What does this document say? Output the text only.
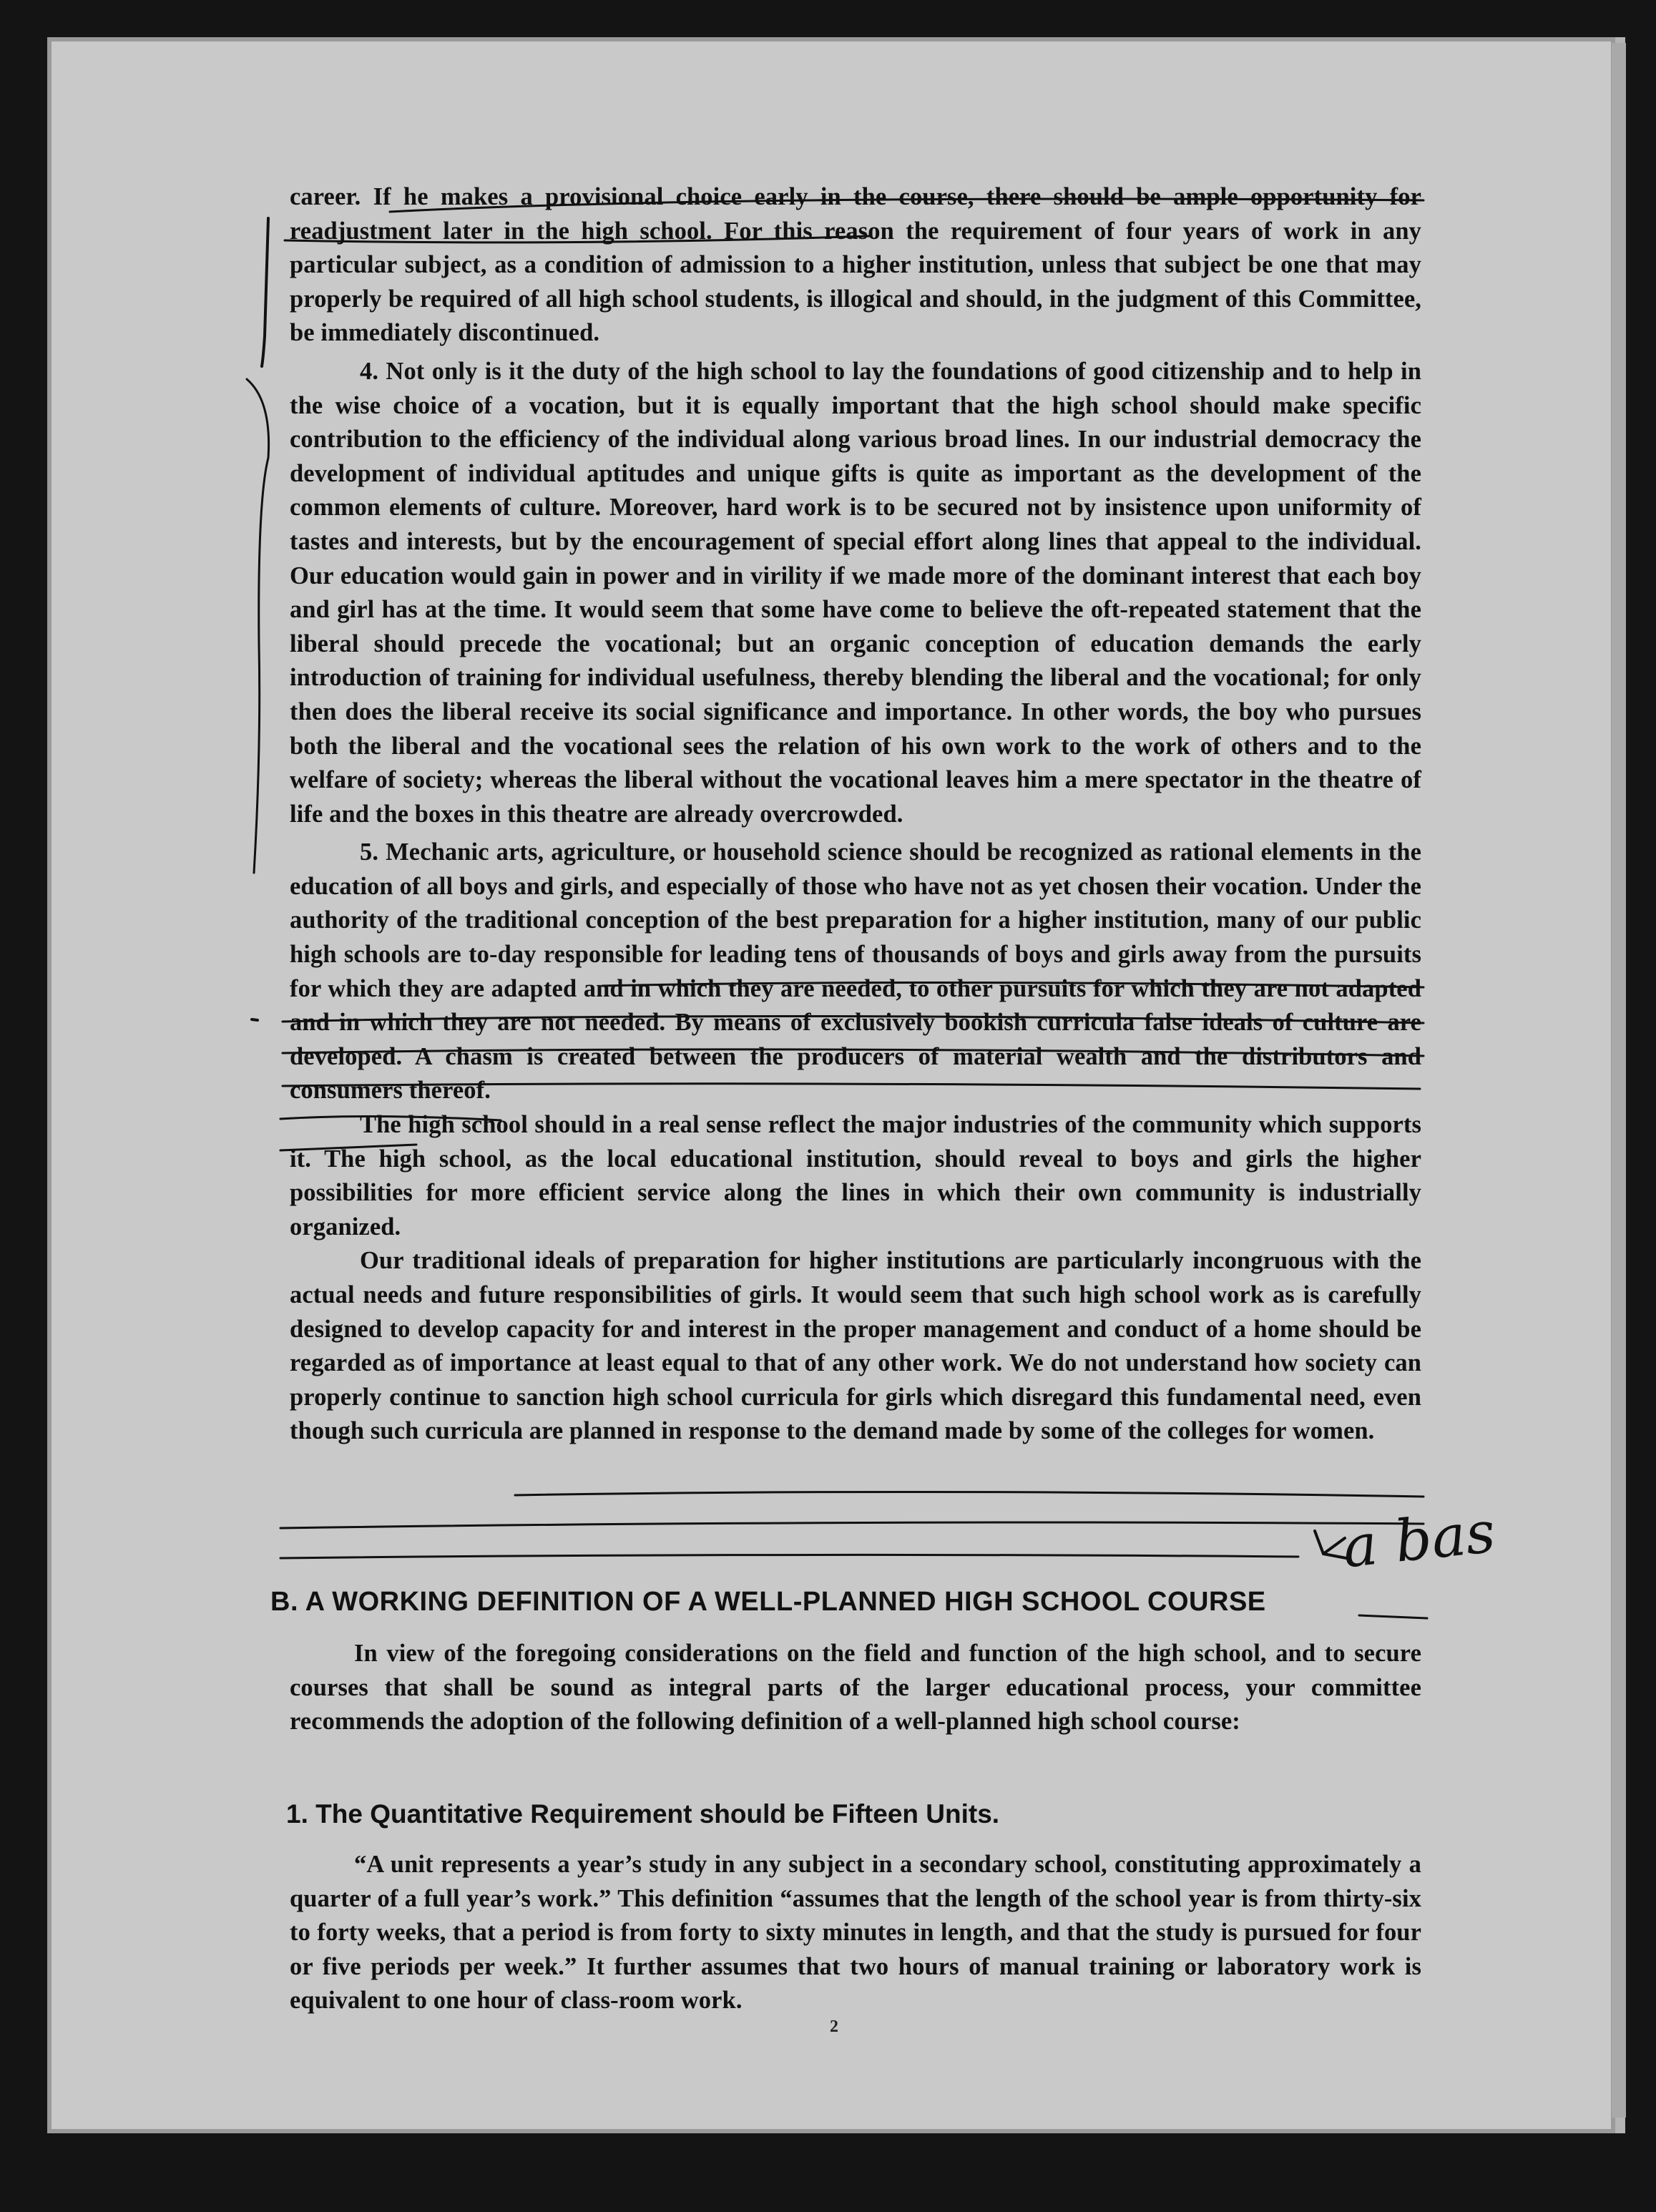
career. If he makes a provisional choice early in the course, there should be ample opportunity for readjustment later in the high school. For this reason the requirement of four years of work in any particular subject, as a condition of admission to a higher institution, unless that subject be one that may properly be required of all high school students, is illogical and should, in the judgment of this Committee, be immediately discontinued.

4. Not only is it the duty of the high school to lay the foundations of good citizenship and to help in the wise choice of a vocation, but it is equally important that the high school should make specific contribution to the efficiency of the individual along various broad lines. In our industrial democracy the development of individual aptitudes and unique gifts is quite as important as the development of the common elements of culture. Moreover, hard work is to be secured not by insistence upon uniformity of tastes and interests, but by the encouragement of special effort along lines that appeal to the individual. Our education would gain in power and in virility if we made more of the dominant interest that each boy and girl has at the time. It would seem that some have come to believe the oft-repeated statement that the liberal should precede the vocational; but an organic conception of education demands the early introduction of training for individual usefulness, thereby blending the liberal and the vocational; for only then does the liberal receive its social significance and importance. In other words, the boy who pursues both the liberal and the vocational sees the relation of his own work to the work of others and to the welfare of society; whereas the liberal without the vocational leaves him a mere spectator in the theatre of life and the boxes in this theatre are already overcrowded.

5. Mechanic arts, agriculture, or household science should be recognized as rational elements in the education of all boys and girls, and especially of those who have not as yet chosen their vocation. Under the authority of the traditional conception of the best preparation for a higher institution, many of our public high schools are to-day responsible for leading tens of thousands of boys and girls away from the pursuits for which they are adapted and in which they are needed, to other pursuits for which they are not adapted and in which they are not needed. By means of exclusively bookish curricula false ideals of culture are developed. A chasm is created between the producers of material wealth and the distributors and consumers thereof.

The high school should in a real sense reflect the major industries of the community which supports it. The high school, as the local educational institution, should reveal to boys and girls the higher possibilities for more efficient service along the lines in which their own community is industrially organized.

Our traditional ideals of preparation for higher institutions are particularly incongruous with the actual needs and future responsibilities of girls. It would seem that such high school work as is carefully designed to develop capacity for and interest in the proper management and conduct of a home should be regarded as of importance at least equal to that of any other work. We do not understand how society can properly continue to sanction high school curricula for girls which disregard this fundamental need, even though such curricula are planned in response to the demand made by some of the colleges for women.

B. A WORKING DEFINITION OF A WELL-PLANNED HIGH SCHOOL COURSE

In view of the foregoing considerations on the field and function of the high school, and to secure courses that shall be sound as integral parts of the larger educational process, your committee recommends the adoption of the following definition of a well-planned high school course:

1. The Quantitative Requirement should be Fifteen Units.

“A unit represents a year’s study in any subject in a secondary school, constituting approximately a quarter of a full year’s work.” This definition “assumes that the length of the school year is from thirty-six to forty weeks, that a period is from forty to sixty minutes in length, and that the study is pursued for four or five periods per week.” It further assumes that two hours of manual training or laboratory work is equivalent to one hour of class-room work.

2
a bas
